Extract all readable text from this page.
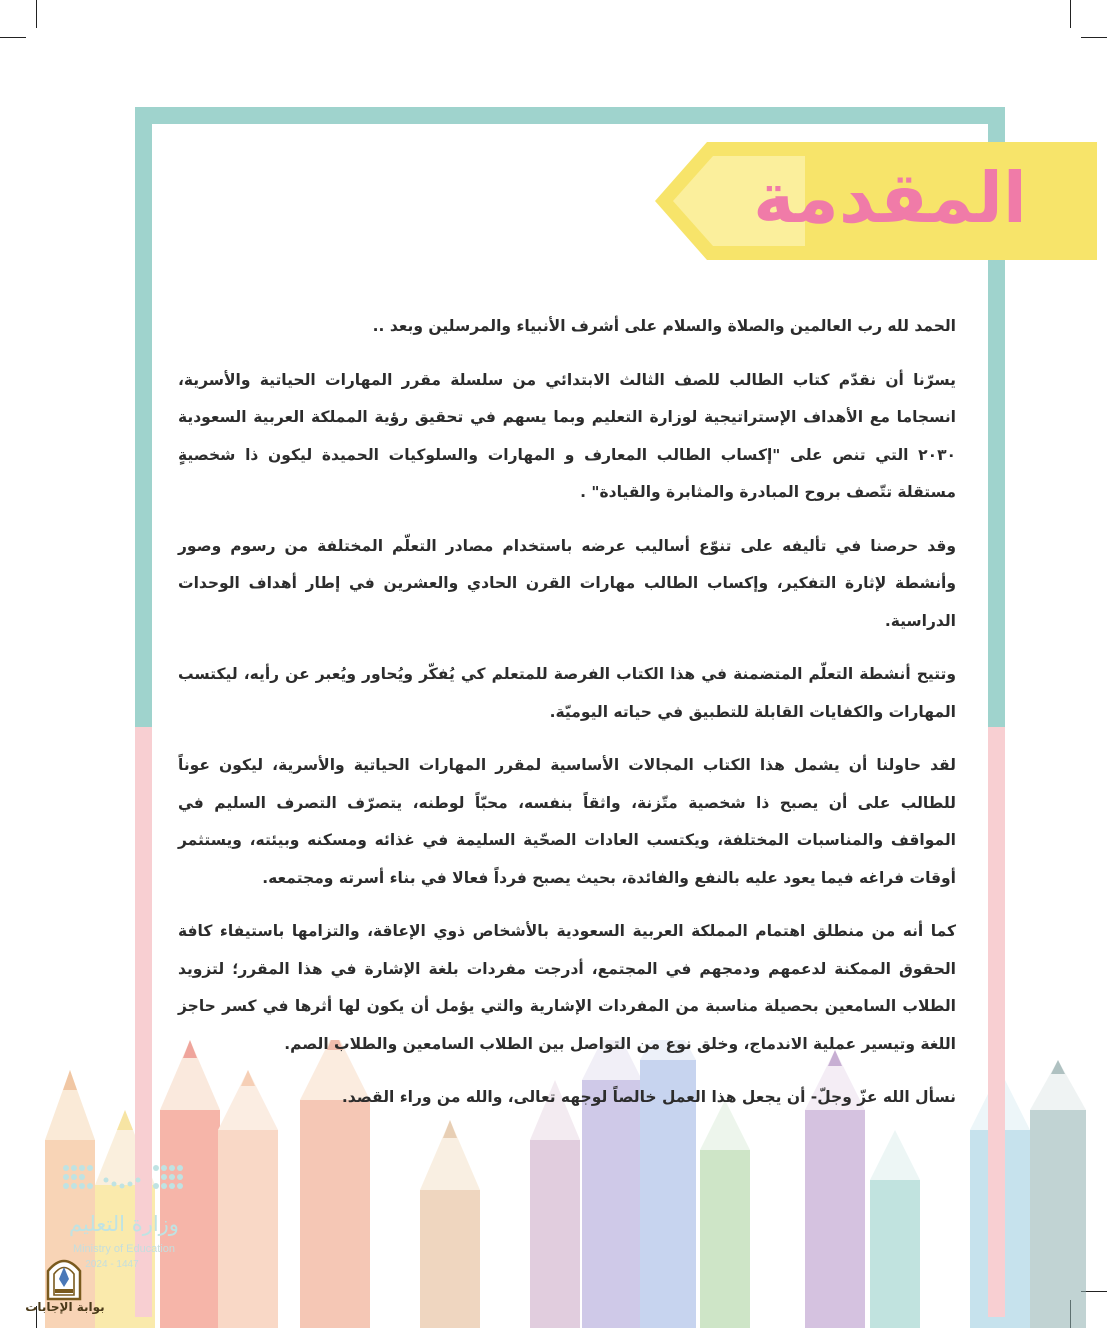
المقدمة

الحمد لله رب العالمين والصلاة والسلام على أشرف الأنبياء والمرسلين وبعد ..

يسرّنا أن نقدّم كتاب الطالب للصف الثالث الابتدائي من سلسلة مقرر المهارات الحياتية والأسرية، انسجاما مع الأهداف الإستراتيجية لوزارة التعليم وبما يسهم في تحقيق رؤية المملكة العربية السعودية ٢٠٣٠ التي تنص على "إكساب الطالب المعارف و المهارات والسلوكيات الحميدة ليكون ذا شخصيةٍ مستقلة تتّصف بروح المبادرة والمثابرة والقيادة" .

وقد حرصنا في تأليفه على تنوّع أساليب عرضه باستخدام مصادر التعلّم المختلفة من رسوم وصور وأنشطة لإثارة التفكير، وإكساب الطالب مهارات القرن الحادي والعشرين في إطار أهداف الوحدات الدراسية.

وتتيح أنشطة التعلّم المتضمنة في هذا الكتاب الفرصة للمتعلم كي يُفكّر ويُحاور ويُعبر عن رأيه، ليكتسب المهارات والكفايات القابلة للتطبيق في حياته اليوميّة.

لقد حاولنا أن يشمل هذا الكتاب المجالات الأساسية لمقرر المهارات الحياتية والأسرية، ليكون عوناً للطالب على أن يصبح ذا شخصية متّزنة، واثقاً بنفسه، محبّاً لوطنه، يتصرّف التصرف السليم في المواقف والمناسبات المختلفة، ويكتسب العادات الصحّية السليمة في غذائه ومسكنه وبيئته، ويستثمر أوقات فراغه فيما يعود عليه بالنفع والفائدة، بحيث يصبح فرداً فعالا في بناء أسرته ومجتمعه.

كما أنه من منطلق اهتمام المملكة العربية السعودية بالأشخاص ذوي الإعاقة، والتزامها باستيفاء كافة الحقوق الممكنة لدعمهم ودمجهم في المجتمع، أدرجت مفردات بلغة الإشارة في هذا المقرر؛ لتزويد الطلاب السامعين بحصيلة مناسبة من المفردات الإشارية والتي يؤمل أن يكون لها أثرها في كسر حاجز اللغة وتيسير عملية الاندماج، وخلق نوع من التواصل بين الطلاب السامعين والطلاب الصم.

نسأل الله عزّ وجلّ- أن يجعل هذا العمل خالصاً لوجهه تعالى، والله من وراء القصد.

وزارة التعليم
Ministry of Education
2024 - 1447
بوابة الإجابات
